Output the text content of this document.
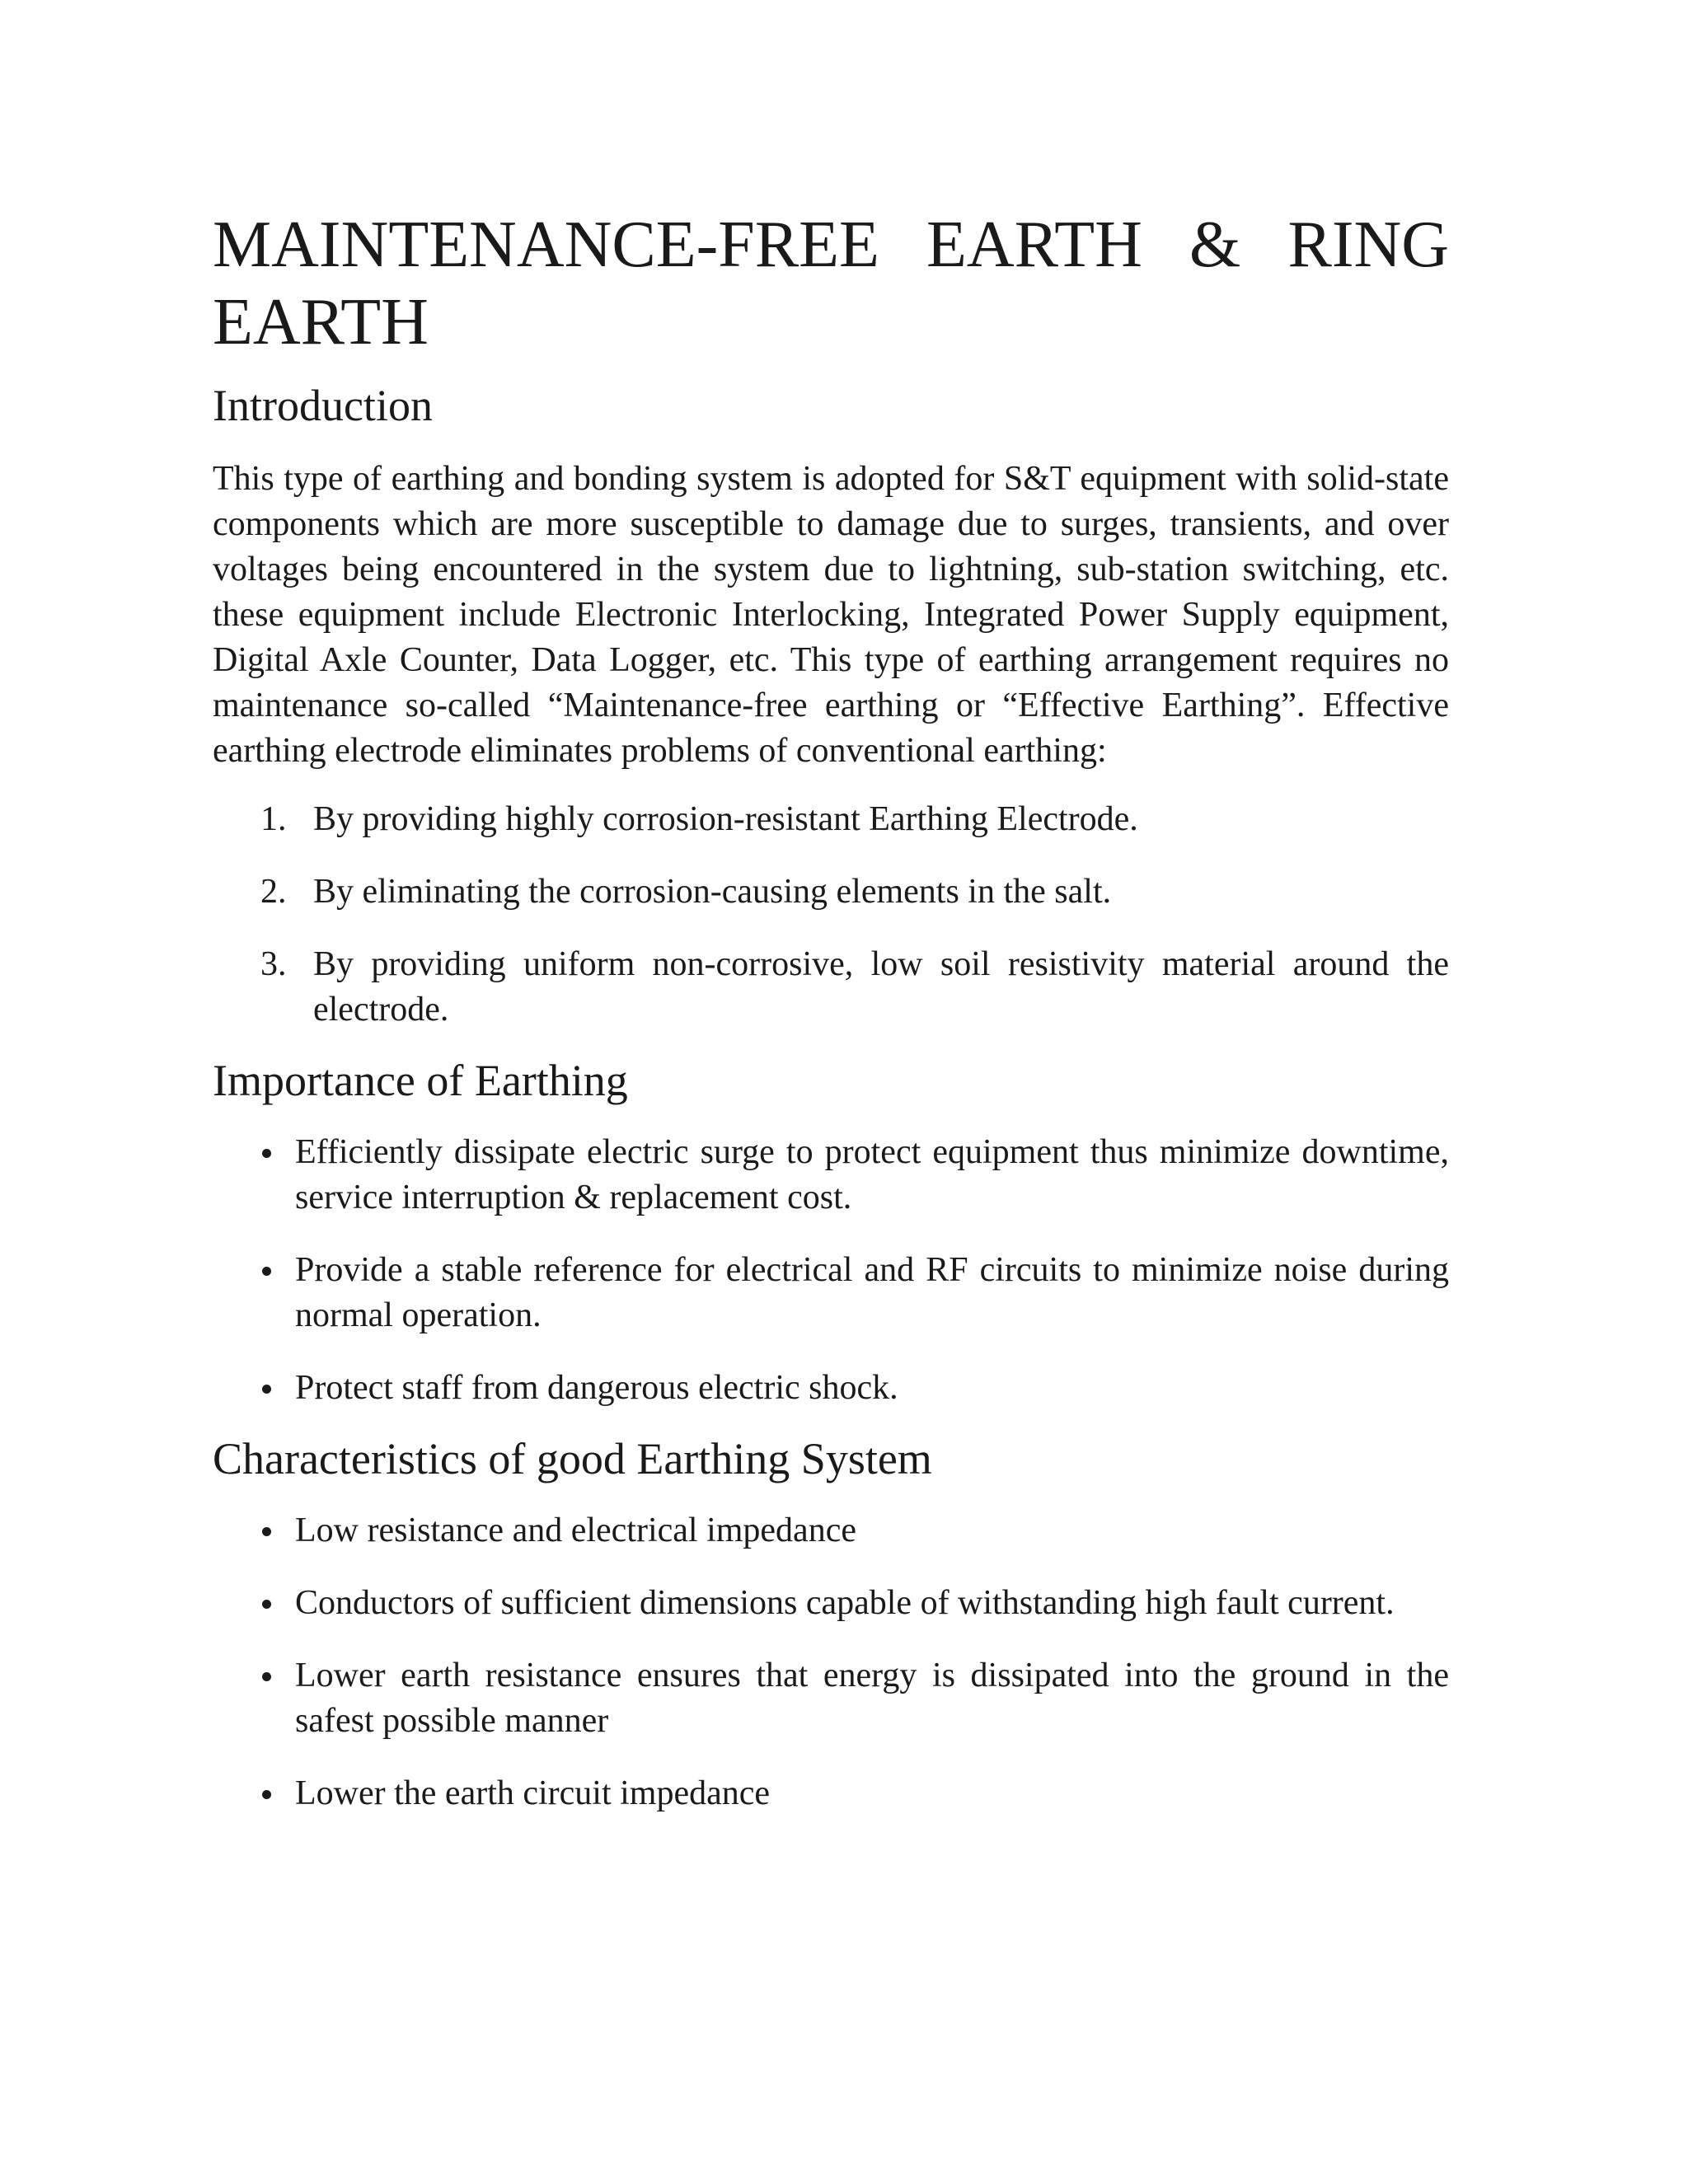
MAINTENANCE-FREE EARTH & RING EARTH
Introduction

This type of earthing and bonding system is adopted for S&T equipment with solid-state components which are more susceptible to damage due to surges, transients, and over voltages being encountered in the system due to lightning, sub-station switching, etc. these equipment include Electronic Interlocking, Integrated Power Supply equipment, Digital Axle Counter, Data Logger, etc. This type of earthing arrangement requires no maintenance so-called “Maintenance-free earthing or “Effective Earthing”. Effective earthing electrode eliminates problems of conventional earthing:

1. By providing highly corrosion-resistant Earthing Electrode.
2. By eliminating the corrosion-causing elements in the salt.
3. By providing uniform non-corrosive, low soil resistivity material around the electrode.
Importance of Earthing
Efficiently dissipate electric surge to protect equipment thus minimize downtime, service interruption & replacement cost.
Provide a stable reference for electrical and RF circuits to minimize noise during normal operation.
Protect staff from dangerous electric shock.
Characteristics of good Earthing System
Low resistance and electrical impedance
Conductors of sufficient dimensions capable of withstanding high fault current.
Lower earth resistance ensures that energy is dissipated into the ground in the safest possible manner
Lower the earth circuit impedance
